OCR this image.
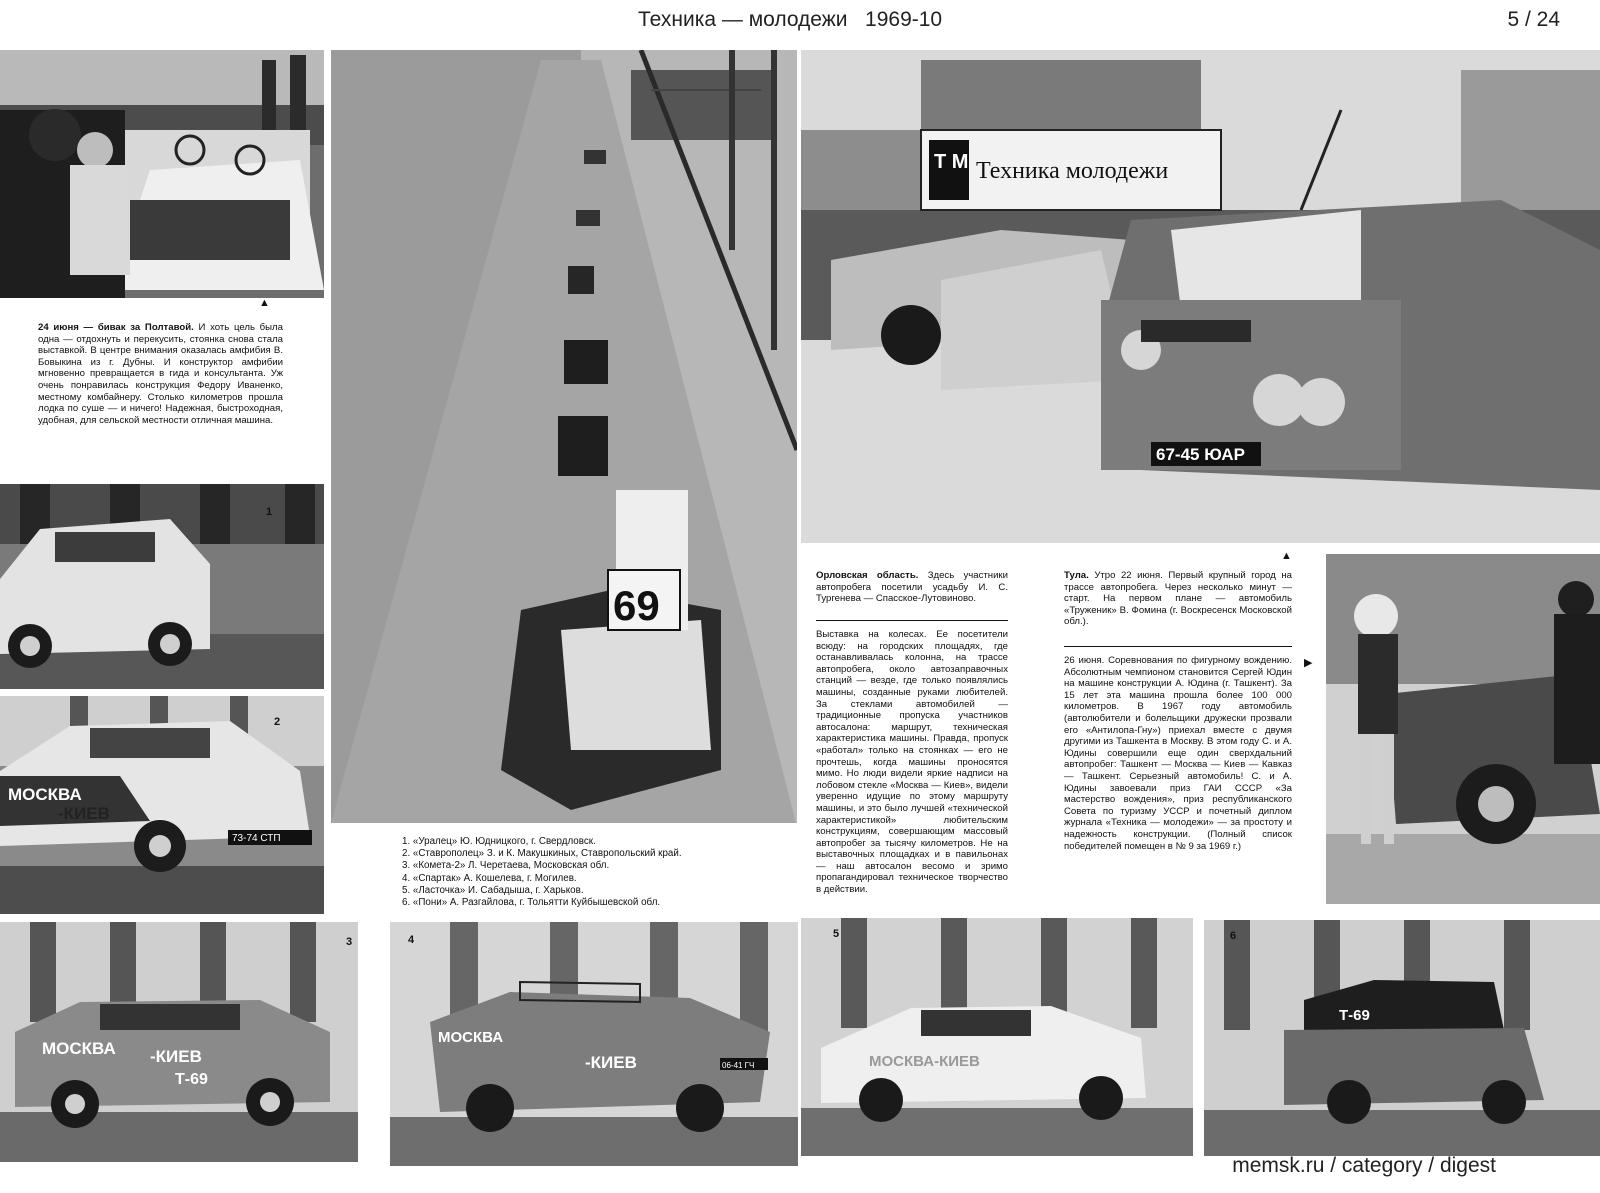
Техника — молодежи   1969-10	5 / 24
▲
24 июня — бивак за Полтавой. И хоть цель была одна — отдохнуть и перекусить, стоянка снова стала выставкой. В центре внимания оказалась амфибия В. Бовыкина из г. Дубны. И конструктор амфибии мгновенно превращается в гида и консультанта. Уж очень понравилась конструкция Федору Иваненко, местному комбайнеру. Столько километров прошла лодка по суше — и ничего! Надежная, быстроходная, удобная, для сельской местности отличная машина.
1
МОСКВА
-КИЕВ
73-74 СТП
2
69
1. «Уралец» Ю. Юдницкого, г. Свердловск.
2. «Ставрополец» З. и К. Макушкиных, Ставропольский край.
3. «Комета-2» Л. Черетаева, Московская обл.
4. «Спартак» А. Кошелева, г. Могилев.
5. «Ласточка» И. Сабадыша, г. Харьков.
6. «Пони» А. Разгайлова, г. Тольятти Куйбышевской обл.
Т М Техника молодежи
67-45 ЮАР
▲
Орловская область. Здесь участники автопробега посетили усадьбу И. С. Тургенева — Спасское-Лутовиново.
Выставка на колесах. Ее посетители всюду: на городских площадях, где останавливалась колонна, на трассе автопробега, около автозаправочных станций — везде, где только появлялись машины, созданные руками любителей. За стеклами автомобилей — традиционные пропуска участников автосалона: маршрут, техническая характеристика машины. Правда, пропуск «работал» только на стоянках — его не прочтешь, когда машины проносятся мимо. Но люди видели яркие надписи на лобовом стекле «Москва — Киев», видели уверенно идущие по этому маршруту машины, и это было лучшей «технической характеристикой» любительским конструкциям, совершающим массовый автопробег за тысячу километров. Не на выставочных площадках и в павильонах — наш автосалон весомо и зримо пропагандировал техническое творчество в действии.
Тула. Утро 22 июня. Первый крупный город на трассе автопробега. Через несколько минут — старт. На первом плане — автомобиль «Труженик» В. Фомина (г. Воскресенск Московской обл.).
26 июня. Соревнования по фигурному вождению. Абсолютным чемпионом становится Сергей Юдин на машине конструкции А. Юдина (г. Ташкент). За 15 лет эта машина прошла более 100 000 километров. В 1967 году автомобиль (автолюбители и болельщики дружески прозвали его «Антилопа-Гну») приехал вместе с двумя другими из Ташкента в Москву. В этом году С. и А. Юдины совершили еще один сверхдальний автопробег: Ташкент — Москва — Киев — Кавказ — Ташкент. Серьезный автомобиль! С. и А. Юдины завоевали приз ГАИ СССР «За мастерство вождения», приз республиканского Совета по туризму УССР и почетный диплом журнала «Техника — молодежи» — за простоту и надежность конструкции. (Полный список победителей помещен в № 9 за 1969 г.)
▶
МОСКВА -КИЕВ
Т-69
3
МОСКВА
-КИЕВ	06-41 ГЧ
4
МОСКВА-КИЕВ
5
Т-69
6
memsk.ru / category / digest
